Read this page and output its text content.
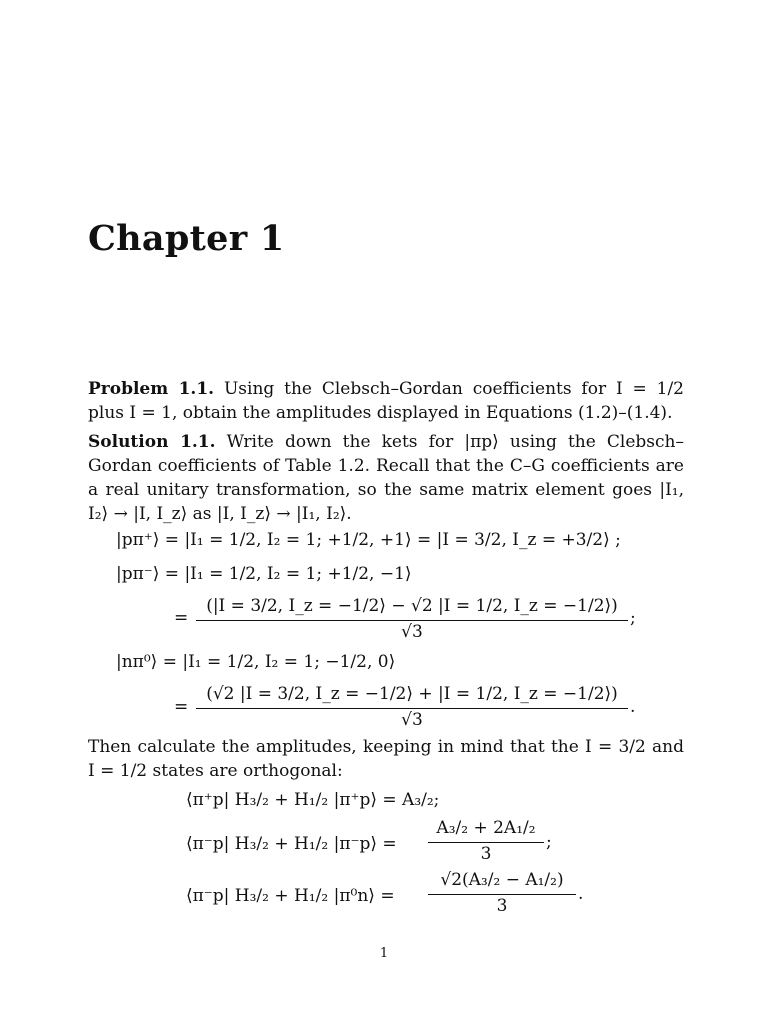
Chapter 1
Problem 1.1. Using the Clebsch–Gordan coefficients for I = 1/2 plus I = 1, obtain the amplitudes displayed in Equations (1.2)–(1.4).
Solution 1.1. Write down the kets for |πp⟩ using the Clebsch–Gordan coefficients of Table 1.2. Recall that the C–G coefficients are a real unitary transformation, so the same matrix element goes |I₁, I₂⟩ → |I, I_z⟩ as |I, I_z⟩ → |I₁, I₂⟩.
|pπ⁺⟩ = |I₁ = 1/2, I₂ = 1; +1/2, +1⟩ = |I = 3/2, I_z = +3/2⟩ ;
|pπ⁻⟩ = |I₁ = 1/2, I₂ = 1; +1/2, −1⟩
=
(|I = 3/2, I_z = −1/2⟩ − √2 |I = 1/2, I_z = −1/2⟩)
√3
;
|nπ⁰⟩ = |I₁ = 1/2, I₂ = 1; −1/2, 0⟩
=
(√2 |I = 3/2, I_z = −1/2⟩ + |I = 1/2, I_z = −1/2⟩)
√3
.
Then calculate the amplitudes, keeping in mind that the I = 3/2 and I = 1/2 states are orthogonal:
⟨π⁺p| H₃/₂ + H₁/₂ |π⁺p⟩ = A₃/₂;
⟨π⁻p| H₃/₂ + H₁/₂ |π⁻p⟩ =
A₃/₂ + 2A₁/₂
3
;
⟨π⁻p| H₃/₂ + H₁/₂ |π⁰n⟩ =
√2(A₃/₂ − A₁/₂)
3
.
1
